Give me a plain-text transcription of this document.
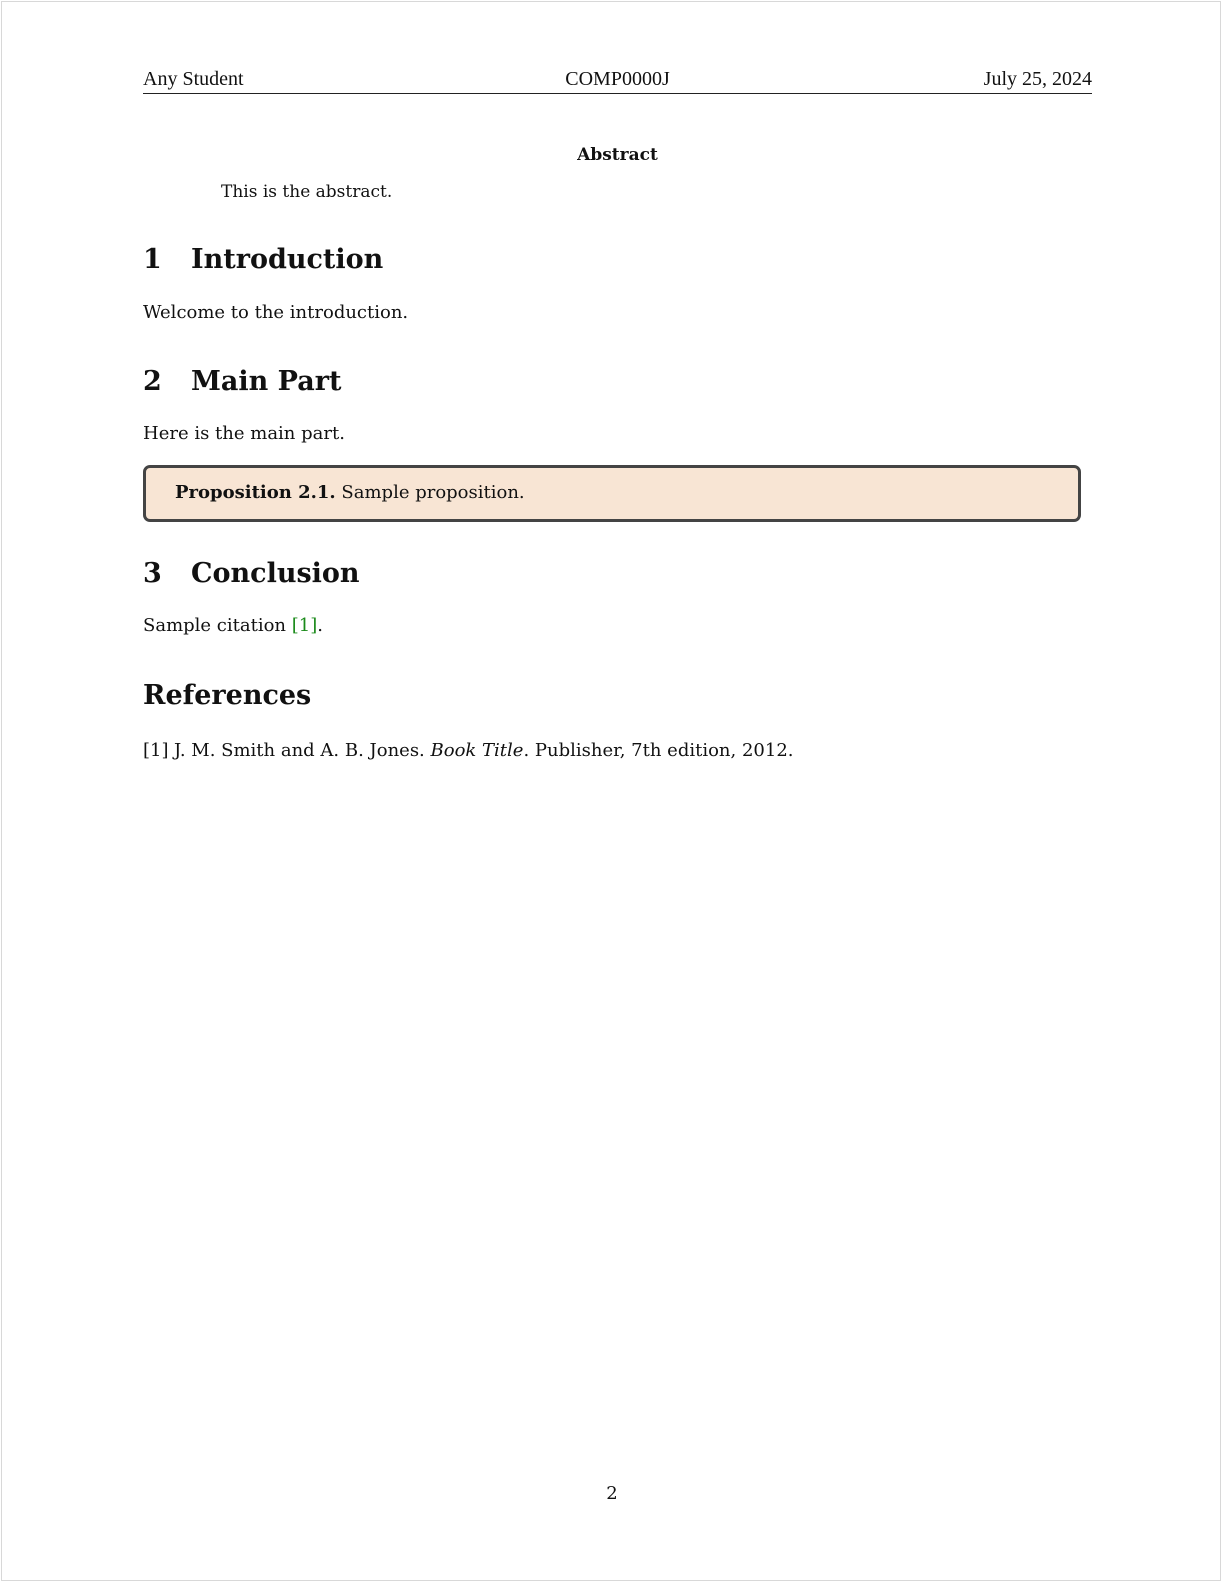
Any Student	COMP0000J	July 25, 2024
Abstract
This is the abstract.
1 Introduction
Welcome to the introduction.
2 Main Part
Here is the main part.
Proposition 2.1. Sample proposition.
3 Conclusion
Sample citation [1].
References
[1] J. M. Smith and A. B. Jones. Book Title. Publisher, 7th edition, 2012.
2
